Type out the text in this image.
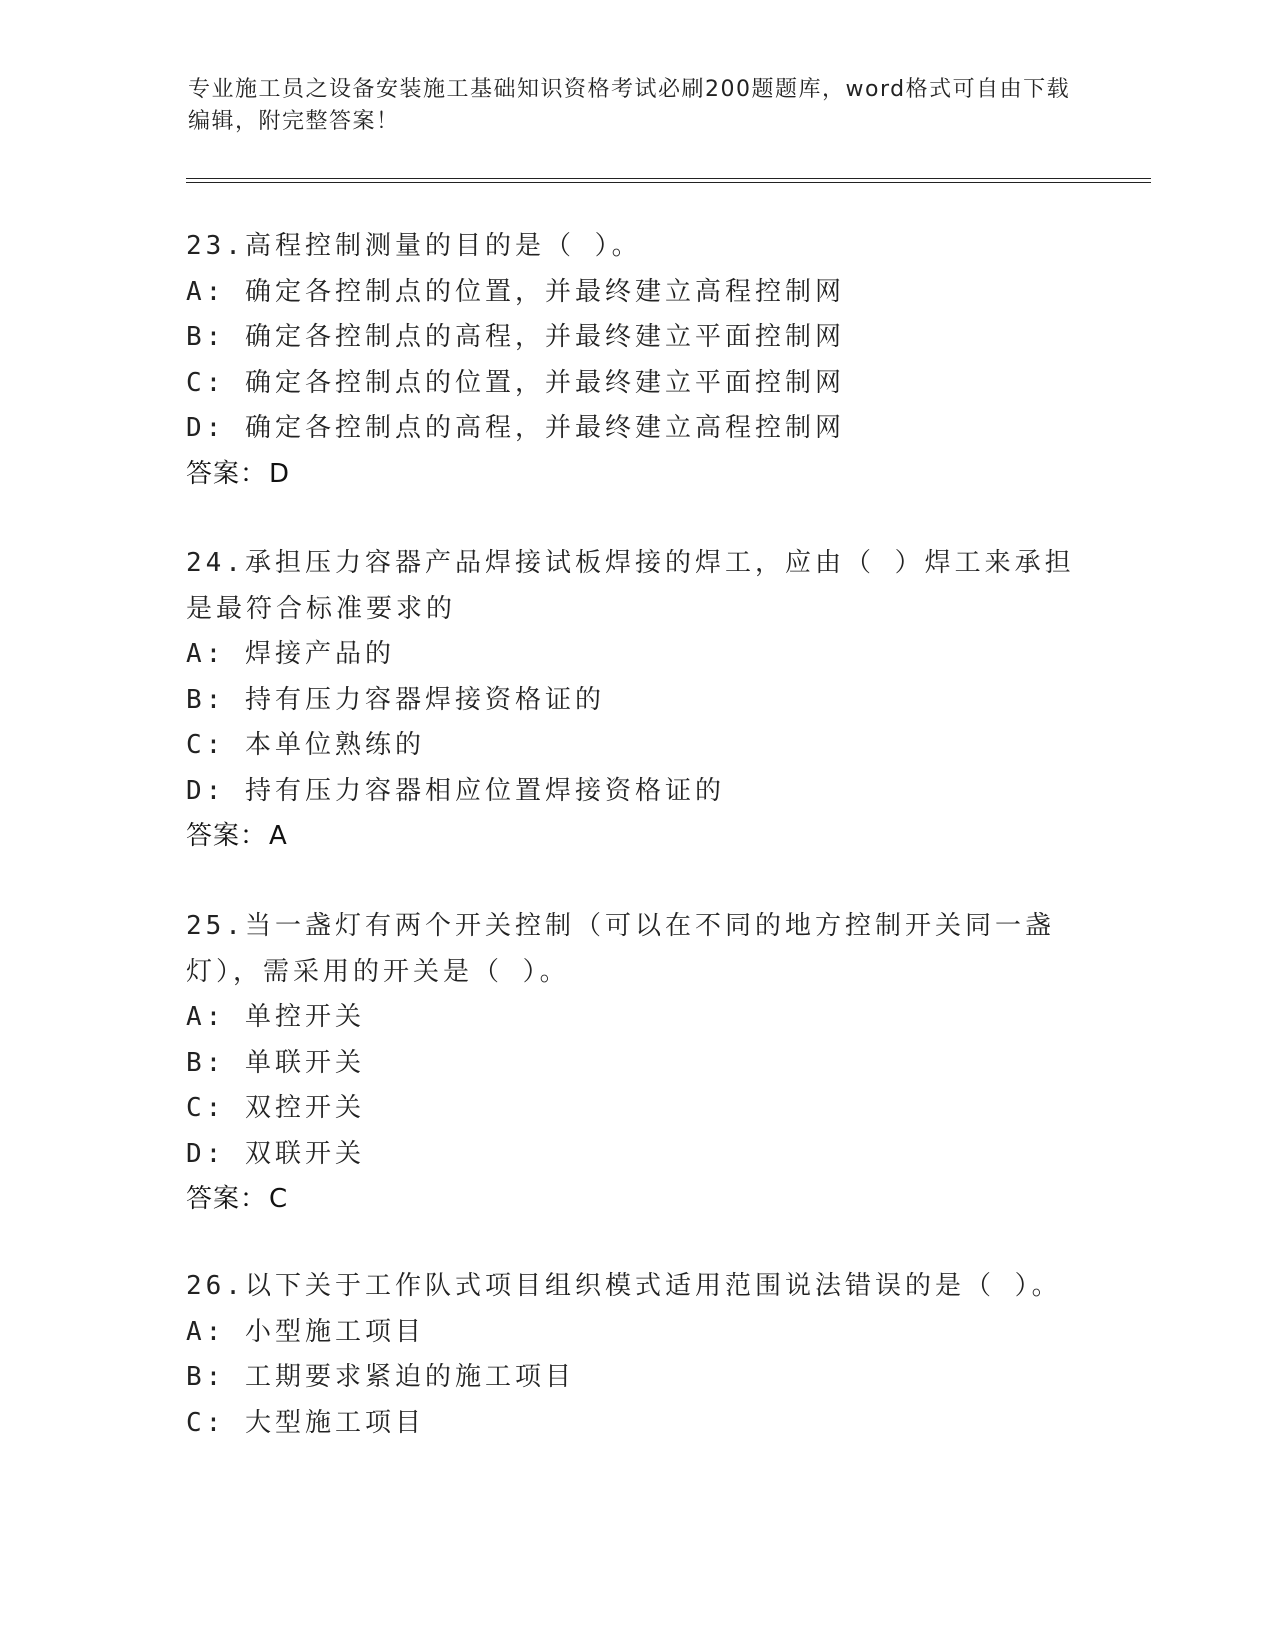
专业施工员之设备安装施工基础知识资格考试必刷200题题库，word格式可自由下载编辑，附完整答案！

23.高程控制测量的目的是（ ）。

A: 确定各控制点的位置，并最终建立高程控制网

B: 确定各控制点的高程，并最终建立平面控制网

C: 确定各控制点的位置，并最终建立平面控制网

D: 确定各控制点的高程，并最终建立高程控制网

答案：D

24.承担压力容器产品焊接试板焊接的焊工，应由（ ）焊工来承担是最符合标准要求的

A: 焊接产品的

B: 持有压力容器焊接资格证的

C: 本单位熟练的

D: 持有压力容器相应位置焊接资格证的

答案：A

25.当一盏灯有两个开关控制（可以在不同的地方控制开关同一盏灯），需采用的开关是（ ）。

A: 单控开关

B: 单联开关

C: 双控开关

D: 双联开关

答案：C

26.以下关于工作队式项目组织模式适用范围说法错误的是（ ）。

A: 小型施工项目

B: 工期要求紧迫的施工项目

C: 大型施工项目
